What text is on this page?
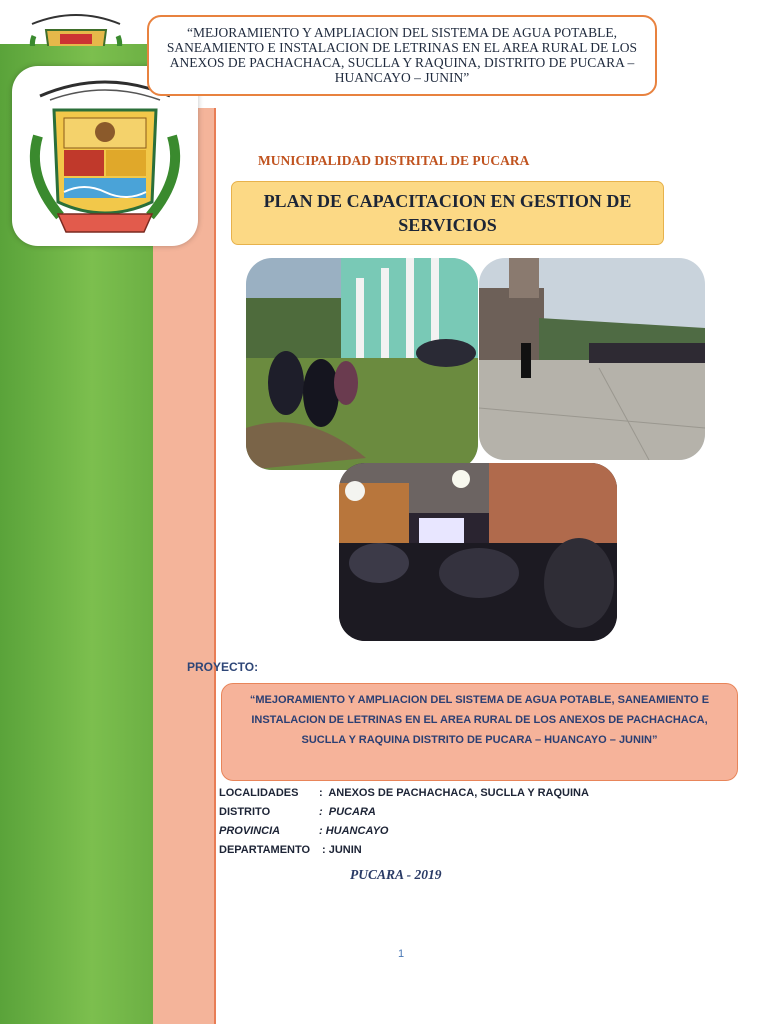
“MEJORAMIENTO Y AMPLIACION DEL SISTEMA DE AGUA POTABLE, SANEAMIENTO E INSTALACION DE LETRINAS EN EL AREA RURAL DE LOS ANEXOS DE PACHACHACA, SUCLLA Y RAQUINA, DISTRITO DE PUCARA – HUANCAYO – JUNIN”

MUNICIPALIDAD DISTRITAL DE PUCARA

PLAN DE CAPACITACION EN GESTION DE SERVICIOS

PROYECTO:

“MEJORAMIENTO Y AMPLIACION DEL SISTEMA DE AGUA POTABLE, SANEAMIENTO E INSTALACION DE LETRINAS EN EL AREA RURAL DE LOS ANEXOS DE PACHACHACA, SUCLLA Y RAQUINA DISTRITO DE PUCARA – HUANCAYO – JUNIN”

LOCALIDADES :  ANEXOS DE PACHACHACA, SUCLLA Y RAQUINA

DISTRITO	:  PUCARA

PROVINCIA	: HUANCAYO

DEPARTAMENTO : JUNIN

PUCARA - 2019

1
